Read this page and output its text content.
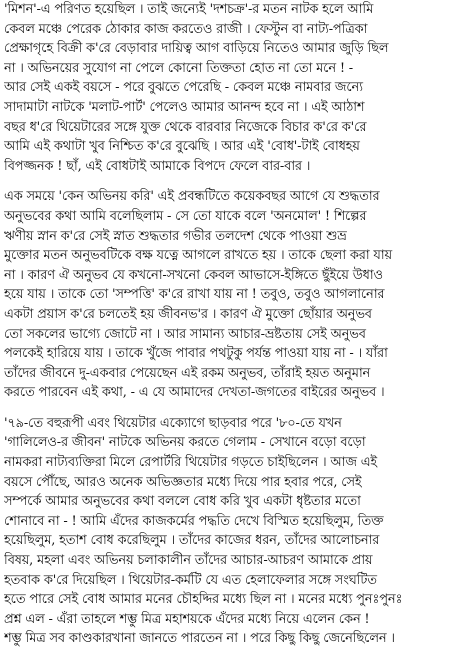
'মিশন'-এ পরিণত হয়েছিল । তাই জন্যেই 'দশচক্র'-র মতন নাটক হলে আমি
কেবল মঞ্চে পেরেক ঠোকার কাজ করতেও রাজী । ফেস্টুন বা নাট্য-পত্রিকা
প্রেক্ষাগৃহে বিক্রী ক'রে বেড়াবার দায়িত্ব আগ বাড়িয়ে নিতেও আমার জুড়ি ছিল
না । অভিনয়ের সুযোগ না পেলে কোনো তিক্ততা হোত না তো মনে ! -
আর সেই একই বয়সে - পরে বুঝতে পেরেছি - কেবল মঞ্চে নামবার জন্যে
সাদামাটা নাটকে 'মলাট-পার্ট' পেলেও আমার আনন্দ হবে না । এই আঠাশ
বছর ধ'রে থিয়েটারের সঙ্গে যুক্ত থেকে বারবার নিজেকে বিচার ক'রে ক'রে
আমি এই কথাটা খুব নিশ্চিত ক'রে বুঝেছি । আর এই 'বোধ'-টাই বোধহয়
বিপজ্জনক ! ছাঁ, এই বোধটাই আমাকে বিপদে ফেলে বার-বার ।
এক সময়ে 'কেন অভিনয় করি' এই প্রবন্ধটিতে কয়েকবছর আগে যে শুদ্ধতার
অনুভবের কথা আমি বলেছিলাম - সে তো যাকে বলে 'অনমোল' ! শিল্পের
ঋণীয় স্নান ক'রে সেই স্নাত শুদ্ধতার গভীর তলদেশ থেকে পাওয়া শুভ্র
মুক্তোর মতন অনুভবটিকে বক্ষ যত্নে আগলে রাখতে হয় । তাকে ছেলা করা যায়
না । কারণ ঐ অনুভব যে কখনো-সখনো কেবল আভাসে-ইঙ্গিতে ছুঁইয়ে উধাও
হয়ে যায় । তাকে তো 'সম্পত্তি' ক'রে রাখা যায় না ! তবুও, তবুও আগলানোর
একটা প্রয়াস ক'রে চলতেই হয় জীবনভ'র । কারণ ঐ মুক্তো ছোঁয়ার অনুভব
তো সকলের ভাগ্যে জোটে না । আর সামান্য আচার-ভ্রষ্টতায় সেই অনুভব
পলকেই হারিয়ে যায় । তাকে খুঁজে পাবার পথটুকু পর্যন্ত পাওয়া যায় না - । যাঁরা
তাঁদের জীবনে দু-একবার পেয়েছেন এই রকম অনুভব, তাঁরাই হয়ত অনুমান
করতে পারবেন এই কথা, - এ যে আমাদের দেখতা-জগতের বাইরের অনুভব ।
'৭৯-তে বহুরূপী এবং থিয়েটার এক্যোগে ছাড়বার পরে '৮০-তে যখন
'গালিলেও-র জীবন' নাটকে অভিনয় করতে গেলাম - সেখানে বড়ো বড়ো
নামকরা নাট্যব্যক্তিরা মিলে রেপার্টরি থিয়েটার গড়তে চাইছিলেন । আজ এই
বয়সে পৌঁছে, আরও অনেক অভিজ্ঞতার মধ্যে দিয়ে পার হবার পরে, সেই
সম্পর্কে আমার অনুভবের কথা বললে বোধ করি খুব একটা ধৃষ্টতার মতো
শোনাবে না - ! আমি এঁদের কাজকর্মের পদ্ধতি দেখে বিস্মিত হয়েছিলুম, তিক্ত
হয়েছিলুম, হতাশ বোধ করেছিলুম । তাঁদের কাজের ধরন, তাঁদের আলোচনার
বিষয়, মহলা এবং অভিনয় চলাকালীন তাঁদের আচার-আচরণ আমাকে প্রায়
হতবাক ক'রে দিয়েছিল । থিয়েটার-কর্মটি যে এত হেলাফেলার সঙ্গে সংঘটিত
হতে পারে সেই বোধ আমার মনের চৌহদ্দির মধ্যে ছিল না । মনের মধ্যে পুনঃপুনঃ
প্রশ্ন এল - এঁরা তাহলে শম্ভু মিত্র মহাশয়কে এঁদের মধ্যে নিয়ে এলেন কেন !
শম্ভু মিত্র সব কাণ্ডকারখানা জানতে পারতেন না । পরে কিছু কিছু জেনেছিলেন ।
